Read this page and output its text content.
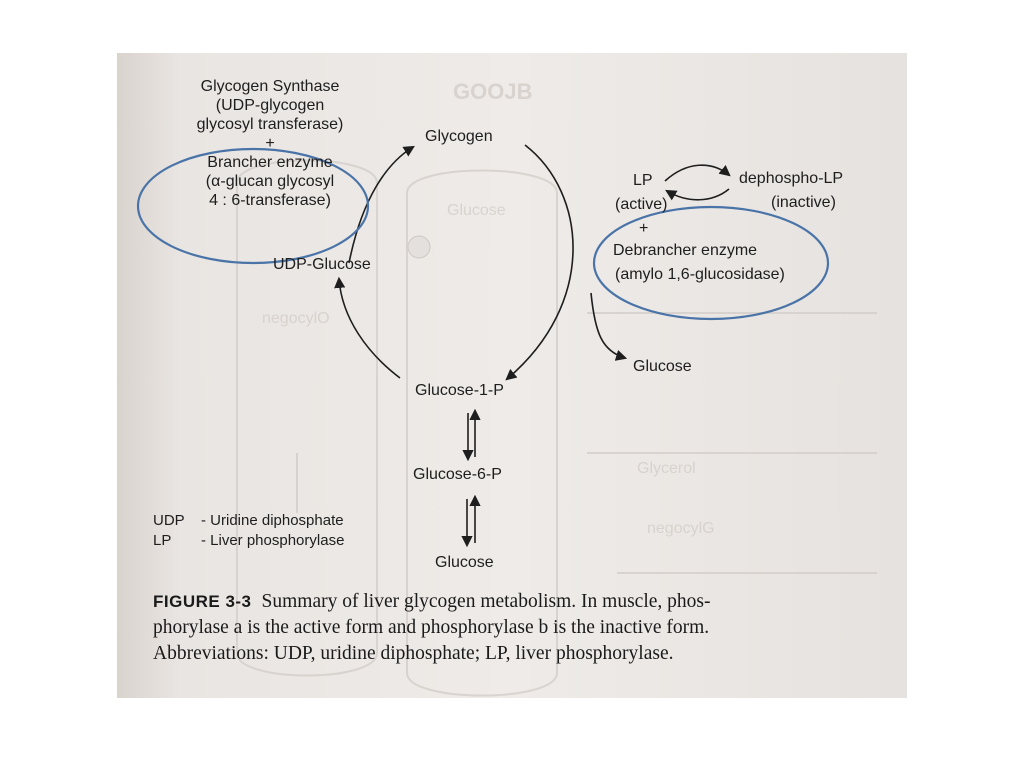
GOOJB
Glucose
negocylO
Glycerol
negocylG
Glycogen Synthase
(UDP-glycogen
glycosyl transferase)
+
Brancher enzyme
(α-glucan glycosyl
4 : 6-transferase)
Glycogen
UDP-Glucose
Glucose-1-P
Glucose-6-P
Glucose
Glucose
LP
(active)
dephospho-LP
(inactive)
+
Debrancher enzyme
(amylo 1,6-glucosidase)
UDP - Uridine diphosphate
LP - Liver phosphorylase
FIGURE 3-3 Summary of liver glycogen metabolism. In muscle, phos-
phorylase a is the active form and phosphorylase b is the inactive form.
Abbreviations: UDP, uridine diphosphate; LP, liver phosphorylase.
